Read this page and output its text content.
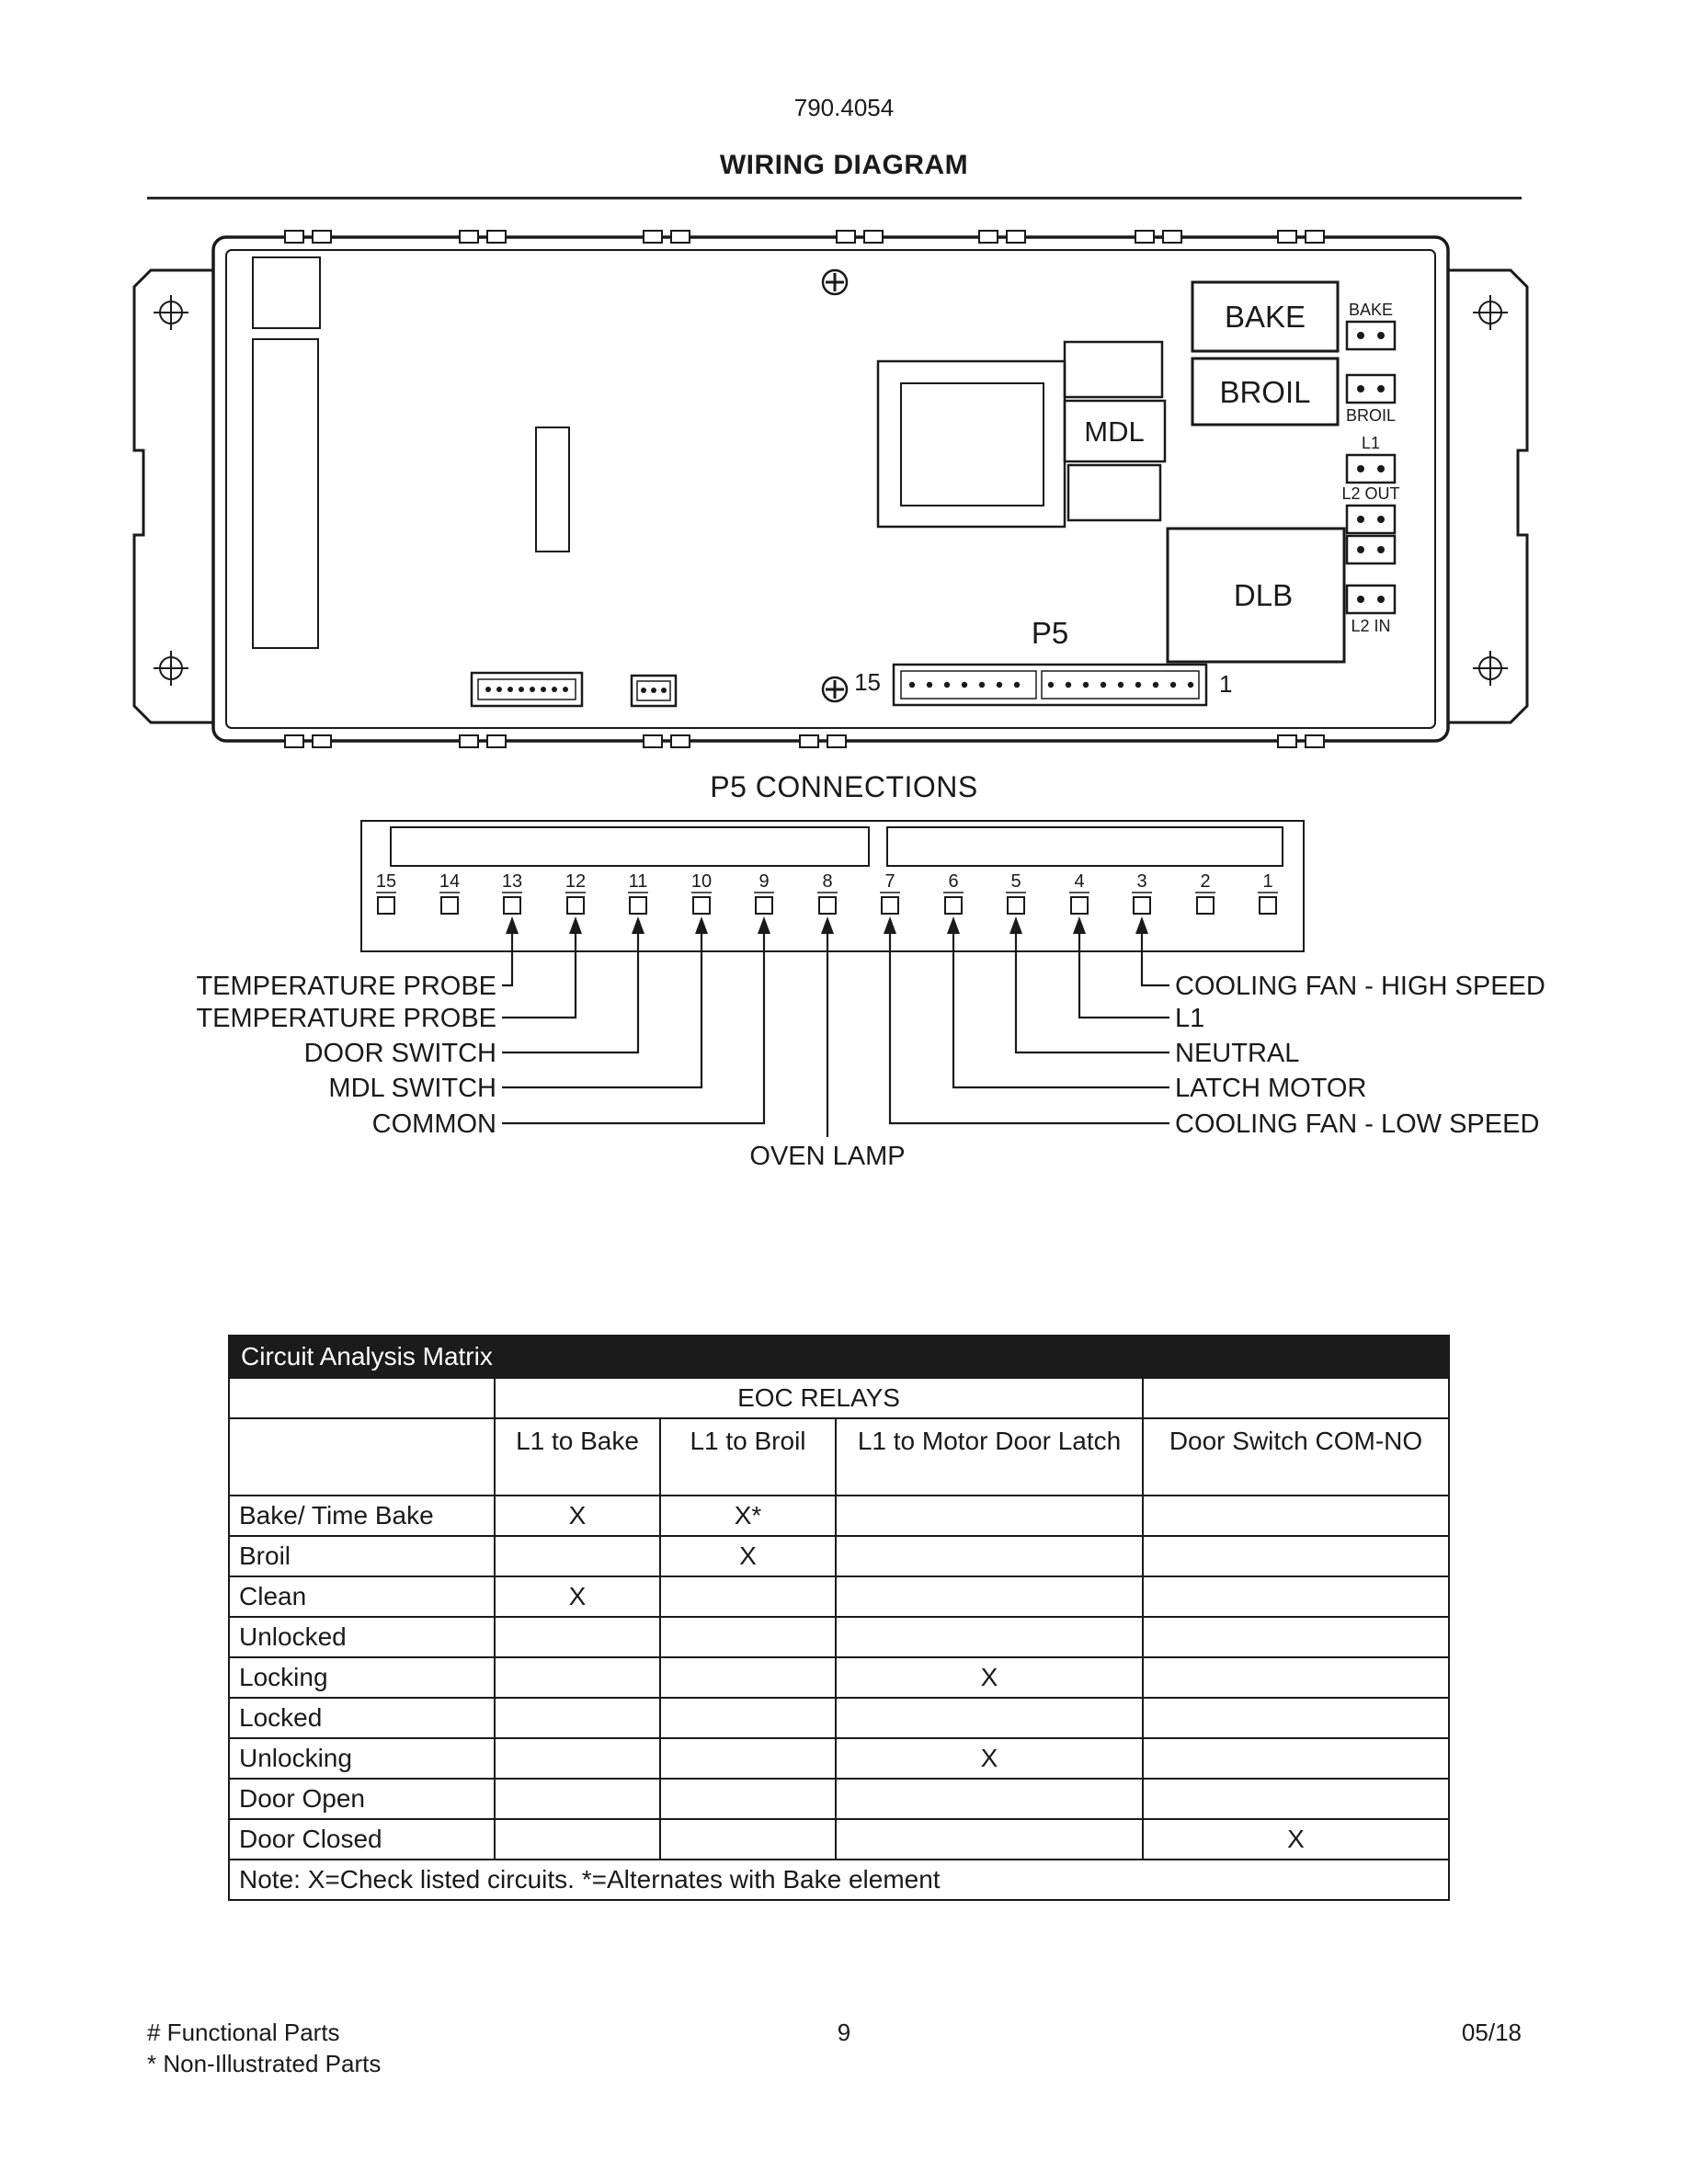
790.4054
WIRING DIAGRAM
BAKE
BROIL
MDL
DLB
P5
BAKE
BROIL
L1
L2 OUT
L2 IN
15	1
P5 CONNECTIONS
15 14 13 12 11 10	9	8	7	6	5	4	3	2	1
TEMPERATURE PROBE
TEMPERATURE PROBE
DOOR SWITCH
MDL SWITCH
COMMON
COOLING FAN - HIGH SPEED
L1
NEUTRAL
LATCH MOTOR
COOLING FAN - LOW SPEED
OVEN LAMP
Circuit Analysis Matrix				
	EOC RELAYS			
	L1 to Bake	L1 to Broil	L1 to Motor Door Latch	Door Switch COM-NO
Bake/ Time Bake	X	X*		
Broil		X		
Clean	X			
Unlocked				
Locking			X	
Locked				
Unlocking			X	
Door Open				
Door Closed				X
Note: X=Check listed circuits. *=Alternates with Bake element				
# Functional Parts
* Non-Illustrated Parts
9	05/18
